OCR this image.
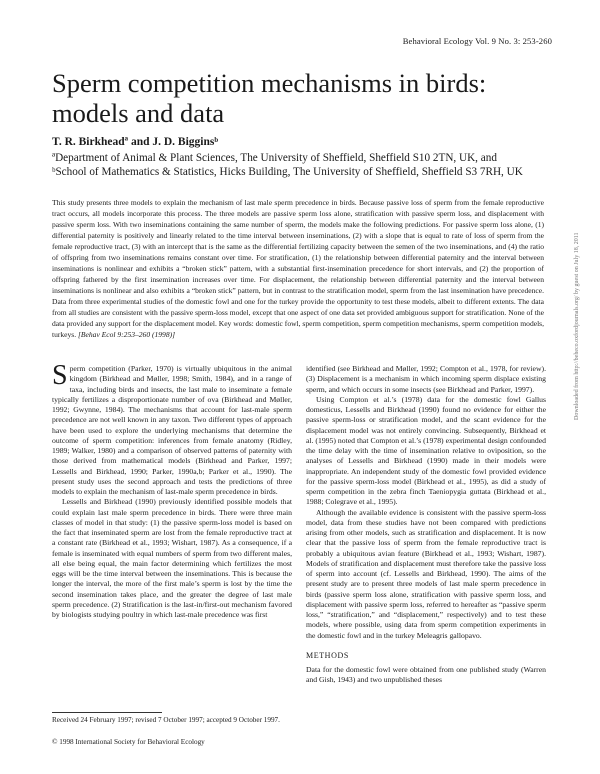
Behavioral Ecology Vol. 9 No. 3: 253-260
Sperm competition mechanisms in birds:
models and data
T. R. Birkheadª and J. D. Bigginsᵇ
ªDepartment of Animal & Plant Sciences, The University of Sheffield, Sheffield S10 2TN, UK, and
ᵇSchool of Mathematics & Statistics, Hicks Building, The University of Sheffield, Sheffield S3 7RH, UK
This study presents three models to explain the mechanism of last male sperm precedence in birds. Because passive loss of sperm from the female reproductive tract occurs, all models incorporate this process. The three models are passive sperm loss alone, stratification with passive sperm loss, and displacement with passive sperm loss. With two inseminations containing the same number of sperm, the models make the following predictions. For passive sperm loss alone, (1) differential paternity is positively and linearly related to the time interval between inseminations, (2) with a slope that is equal to rate of loss of sperm from the female reproductive tract, (3) with an intercept that is the same as the differential fertilizing capacity between the semen of the two inseminations, and (4) the ratio of offspring from two inseminations remains constant over time. For stratification, (1) the relationship between differential paternity and the interval between inseminations is nonlinear and exhibits a “broken stick” pattern, with a substantial first-insemination precedence for short intervals, and (2) the proportion of offspring fathered by the first insemination increases over time. For displacement, the relationship between differential paternity and the interval between inseminations is nonlinear and also exhibits a “broken stick” pattern, but in contrast to the stratification model, sperm from the last insemination have precedence. Data from three experimental studies of the domestic fowl and one for the turkey provide the opportunity to test these models, albeit to different extents. The data from all studies are consistent with the passive sperm-loss model, except that one aspect of one data set provided ambiguous support for stratification. None of the data provided any support for the displacement model. Key words: domestic fowl, sperm competition, sperm competition mechanisms, sperm competition models, turkeys. [Behav Ecol 9:253–260 (1998)]

Sperm competition (Parker, 1970) is virtually ubiquitous in the animal kingdom (Birkhead and Møller, 1998; Smith, 1984), and in a range of taxa, including birds and insects, the last male to inseminate a female typically fertilizes a disproportionate number of ova (Birkhead and Møller, 1992; Gwynne, 1984). The mechanisms that account for last-male sperm precedence are not well known in any taxon. Two different types of approach have been used to explore the underlying mechanisms that determine the outcome of sperm competition: inferences from female anatomy (Ridley, 1989; Walker, 1980) and a comparison of observed patterns of paternity with those derived from mathematical models (Birkhead and Parker, 1997; Lessells and Birkhead, 1990; Parker, 1990a,b; Parker et al., 1990). The present study uses the second approach and tests the predictions of three models to explain the mechanism of last-male sperm precedence in birds.

Lessells and Birkhead (1990) previously identified possible models that could explain last male sperm precedence in birds. There were three main classes of model in that study: (1) the passive sperm-loss model is based on the fact that inseminated sperm are lost from the female reproductive tract at a constant rate (Birkhead et al., 1993; Wishart, 1987). As a consequence, if a female is inseminated with equal numbers of sperm from two different males, all else being equal, the main factor determining which fertilizes the most eggs will be the time interval between the inseminations. This is because the longer the interval, the more of the first male’s sperm is lost by the time the second insemination takes place, and the greater the degree of last male sperm precedence. (2) Stratification is the last-in/first-out mechanism favored by biologists studying poultry in which last-male precedence was first

identified (see Birkhead and Møller, 1992; Compton et al., 1978, for review). (3) Displacement is a mechanism in which incoming sperm displace existing sperm, and which occurs in some insects (see Birkhead and Parker, 1997).

Using Compton et al.’s (1978) data for the domestic fowl Gallus domesticus, Lessells and Birkhead (1990) found no evidence for either the passive sperm-loss or stratification model, and the scant evidence for the displacement model was not entirely convincing. Subsequently, Birkhead et al. (1995) noted that Compton et al.’s (1978) experimental design confounded the time delay with the time of insemination relative to oviposition, so the analyses of Lessells and Birkhead (1990) made in their models were inappropriate. An independent study of the domestic fowl provided evidence for the passive sperm-loss model (Birkhead et al., 1995), as did a study of sperm competition in the zebra finch Taeniopygia guttata (Birkhead et al., 1988; Colegrave et al., 1995).

Although the available evidence is consistent with the passive sperm-loss model, data from these studies have not been compared with predictions arising from other models, such as stratification and displacement. It is now clear that the passive loss of sperm from the female reproductive tract is probably a ubiquitous avian feature (Birkhead et al., 1993; Wishart, 1987). Models of stratification and displacement must therefore take the passive loss of sperm into account (cf. Lessells and Birkhead, 1990). The aims of the present study are to present three models of last male sperm precedence in birds (passive sperm loss alone, stratification with passive sperm loss, and displacement with passive sperm loss, referred to hereafter as “passive sperm loss,” “stratification,” and “displacement,” respectively) and to test these models, where possible, using data from sperm competition experiments in the domestic fowl and in the turkey Meleagris gallopavo.

METHODS

Data for the domestic fowl were obtained from one published study (Warren and Gish, 1943) and two unpublished theses

Received 24 February 1997; revised 7 October 1997; accepted 9 October 1997.
© 1998 International Society for Behavioral Ecology
Downloaded from http://beheco.oxfordjournals.org/ by guest on July 18, 2011
